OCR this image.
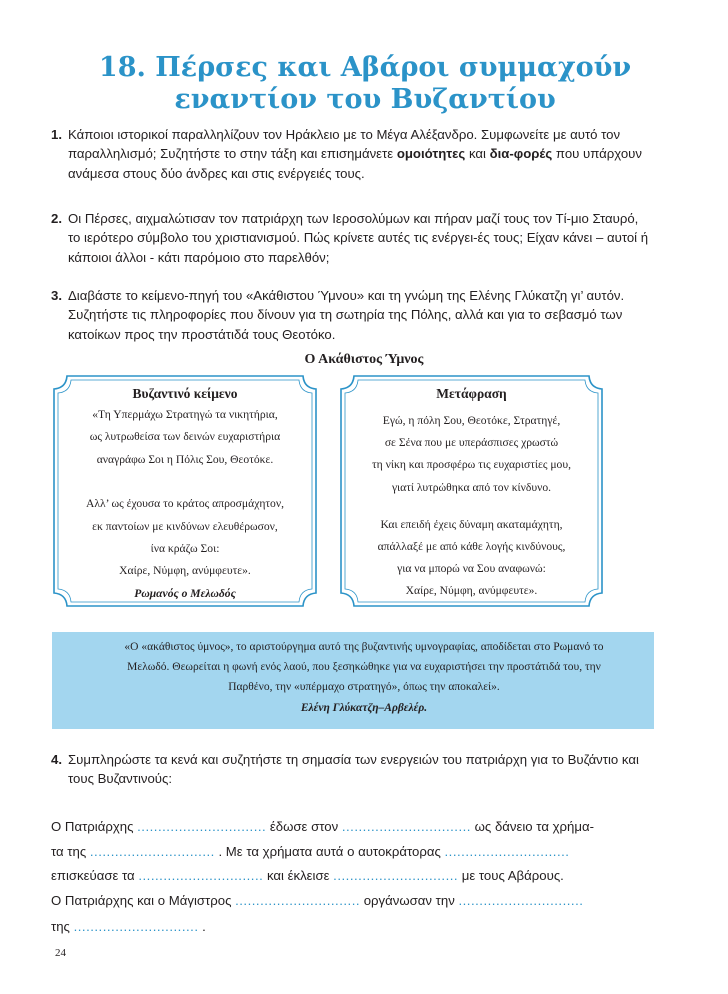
18. Πέρσες και Αβάροι συμμαχούν
εναντίον του Βυζαντίου
1. Κάποιοι ιστορικοί παραλληλίζουν τον Ηράκλειο με το Μέγα Αλέξανδρο. Συμφωνείτε με αυτό τον παραλληλισμό; Συζητήστε το στην τάξη και επισημάνετε ομοιότητες και δια-φορές που υπάρχουν ανάμεσα στους δύο άνδρες και στις ενέργειές τους.
2. Οι Πέρσες, αιχμαλώτισαν τον πατριάρχη των Ιεροσολύμων και πήραν μαζί τους τον Τί-μιο Σταυρό, το ιερότερο σύμβολο του χριστιανισμού. Πώς κρίνετε αυτές τις ενέργει-ές τους; Είχαν κάνει – αυτοί ή κάποιοι άλλοι - κάτι παρόμοιο στο παρελθόν;
3. Διαβάστε το κείμενο-πηγή του «Ακάθιστου Ύμνου» και τη γνώμη της Ελένης Γλύκατζη γι’ αυτόν. Συζητήστε τις πληροφορίες που δίνουν για τη σωτηρία της Πόλης, αλλά και για το σεβασμό των κατοίκων προς την προστάτιδά τους Θεοτόκο.
Ο Ακάθιστος Ύμνος
Βυζαντινό κείμενο
«Τη Υπερμάχω Στρατηγώ τα νικητήρια,
ως λυτρωθείσα των δεινών ευχαριστήρια
αναγράφω Σοι η Πόλις Σου, Θεοτόκε.
Αλλ’ ως έχουσα το κράτος απροσμάχητον,
εκ παντοίων με κινδύνων ελευθέρωσον,
ίνα κράζω Σοι:
Χαίρε, Νύμφη, ανύμφευτε».
Ρωμανός ο Μελωδός
Μετάφραση
Εγώ, η πόλη Σου, Θεοτόκε, Στρατηγέ,
σε Σένα που με υπεράσπισες χρωστώ
τη νίκη και προσφέρω τις ευχαριστίες μου,
γιατί λυτρώθηκα από τον κίνδυνο.
Και επειδή έχεις δύναμη ακαταμάχητη,
απάλλαξέ με από κάθε λογής κινδύνους,
για να μπορώ να Σου αναφωνώ:
Χαίρε, Νύμφη, ανύμφευτε».
«Ο «ακάθιστος ύμνος», το αριστούργημα αυτό της βυζαντινής υμνογραφίας, αποδίδεται στο Ρωμανό το
Μελωδό. Θεωρείται η φωνή ενός λαού, που ξεσηκώθηκε για να ευχαριστήσει την προστάτιδά του, την
Παρθένο, την «υπέρμαχο στρατηγό», όπως την αποκαλεί».
Ελένη Γλύκατζη–Αρβελέρ.
4. Συμπληρώστε τα κενά και συζητήστε τη σημασία των ενεργειών του πατριάρχη για το Βυζάντιο και τους Βυζαντινούς:
Ο Πατριάρχης ............................... έδωσε στον ............................... ως δάνειο τα χρήμα-
τα της .............................. . Με τα χρήματα αυτά ο αυτοκράτορας ..............................
επισκεύασε τα .............................. και έκλεισε .............................. με τους Αβάρους.
Ο Πατριάρχης και ο Μάγιστρος .............................. οργάνωσαν την ..............................
της .............................. .
24
